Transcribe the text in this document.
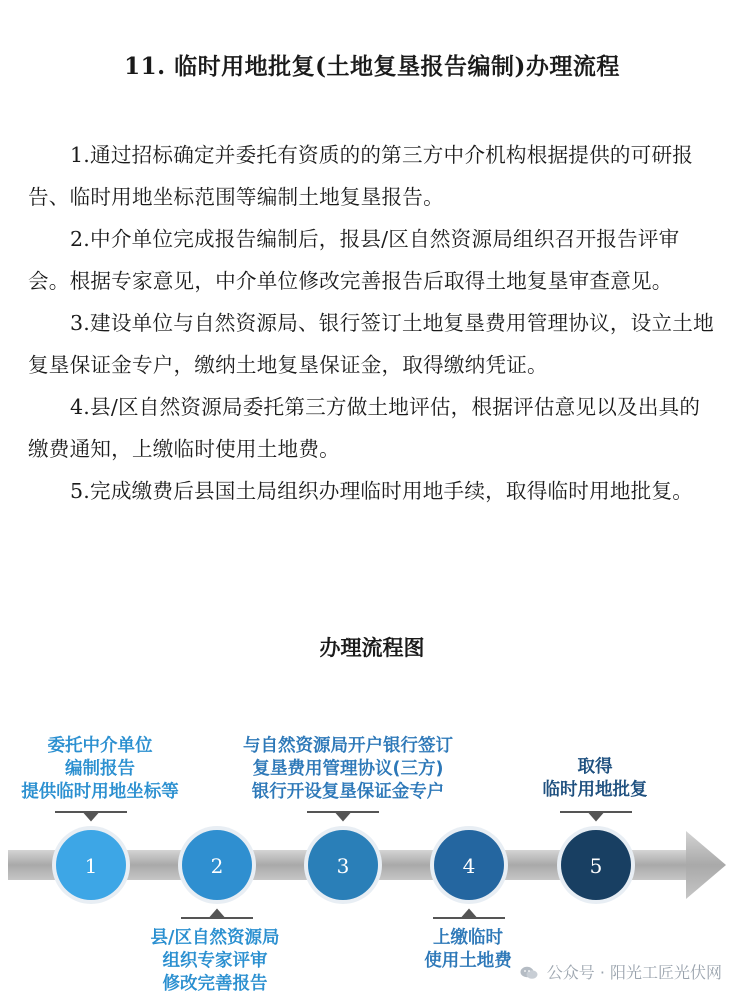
11. 临时用地批复(土地复垦报告编制)办理流程
1.通过招标确定并委托有资质的的第三方中介机构根据提供的可研报告、临时用地坐标范围等编制土地复垦报告。
2.中介单位完成报告编制后，报县/区自然资源局组织召开报告评审会。根据专家意见，中介单位修改完善报告后取得土地复垦审查意见。
3.建设单位与自然资源局、银行签订土地复垦费用管理协议，设立土地复垦保证金专户，缴纳土地复垦保证金，取得缴纳凭证。
4.县/区自然资源局委托第三方做土地评估，根据评估意见以及出具的缴费通知，上缴临时使用土地费。
5.完成缴费后县国土局组织办理临时用地手续，取得临时用地批复。
办理流程图
1	2	3	4	5
委托中介单位
编制报告
提供临时用地坐标等
与自然资源局开户银行签订
复垦费用管理协议(三方)
银行开设复垦保证金专户
取得
临时用地批复
县/区自然资源局
组织专家评审
修改完善报告
上缴临时
使用土地费
公众号 · 阳光工匠光伏网
